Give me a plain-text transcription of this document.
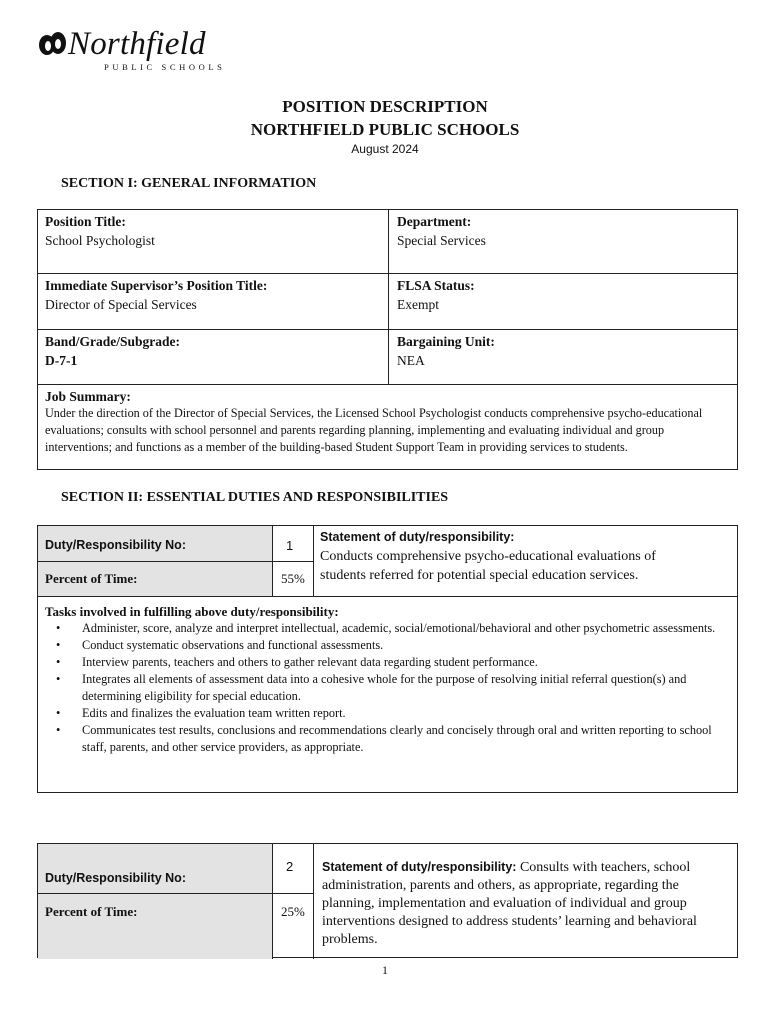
Northfield
PUBLIC SCHOOLS
POSITION DESCRIPTION
NORTHFIELD PUBLIC SCHOOLS
August 2024
SECTION I: GENERAL INFORMATION
Position Title:
School Psychologist
Department:
Special Services
Immediate Supervisor’s Position Title:
Director of Special Services
FLSA Status:
Exempt
Band/Grade/Subgrade:
D-7-1
Bargaining Unit:
NEA
Job Summary:
Under the direction of the Director of Special Services, the Licensed School Psychologist conducts comprehensive psycho-educational evaluations; consults with school personnel and parents regarding planning, implementing and evaluating individual and group interventions; and functions as a member of the building-based Student Support Team in providing services to students.
SECTION II: ESSENTIAL DUTIES AND RESPONSIBILITIES
Duty/Responsibility No:	1
Percent of Time:	55%
Statement of duty/responsibility:
Conducts comprehensive psycho-educational evaluations of students referred for potential special education services.
Tasks involved in fulfilling above duty/responsibility:
• Administer, score, analyze and interpret intellectual, academic, social/emotional/behavioral and other psychometric assessments.
• Conduct systematic observations and functional assessments.
• Interview parents, teachers and others to gather relevant data regarding student performance.
• Integrates all elements of assessment data into a cohesive whole for the purpose of resolving initial referral question(s) and determining eligibility for special education.
• Edits and finalizes the evaluation team written report.
• Communicates test results, conclusions and recommendations clearly and concisely through oral and written reporting to school staff, parents, and other service providers, as appropriate.
Duty/Responsibility No:
2
Percent of Time:	25%
Statement of duty/responsibility: Consults with teachers, school administration, parents and others, as appropriate, regarding the planning, implementation and evaluation of individual and group interventions designed to address students’ learning and behavioral problems.
1
